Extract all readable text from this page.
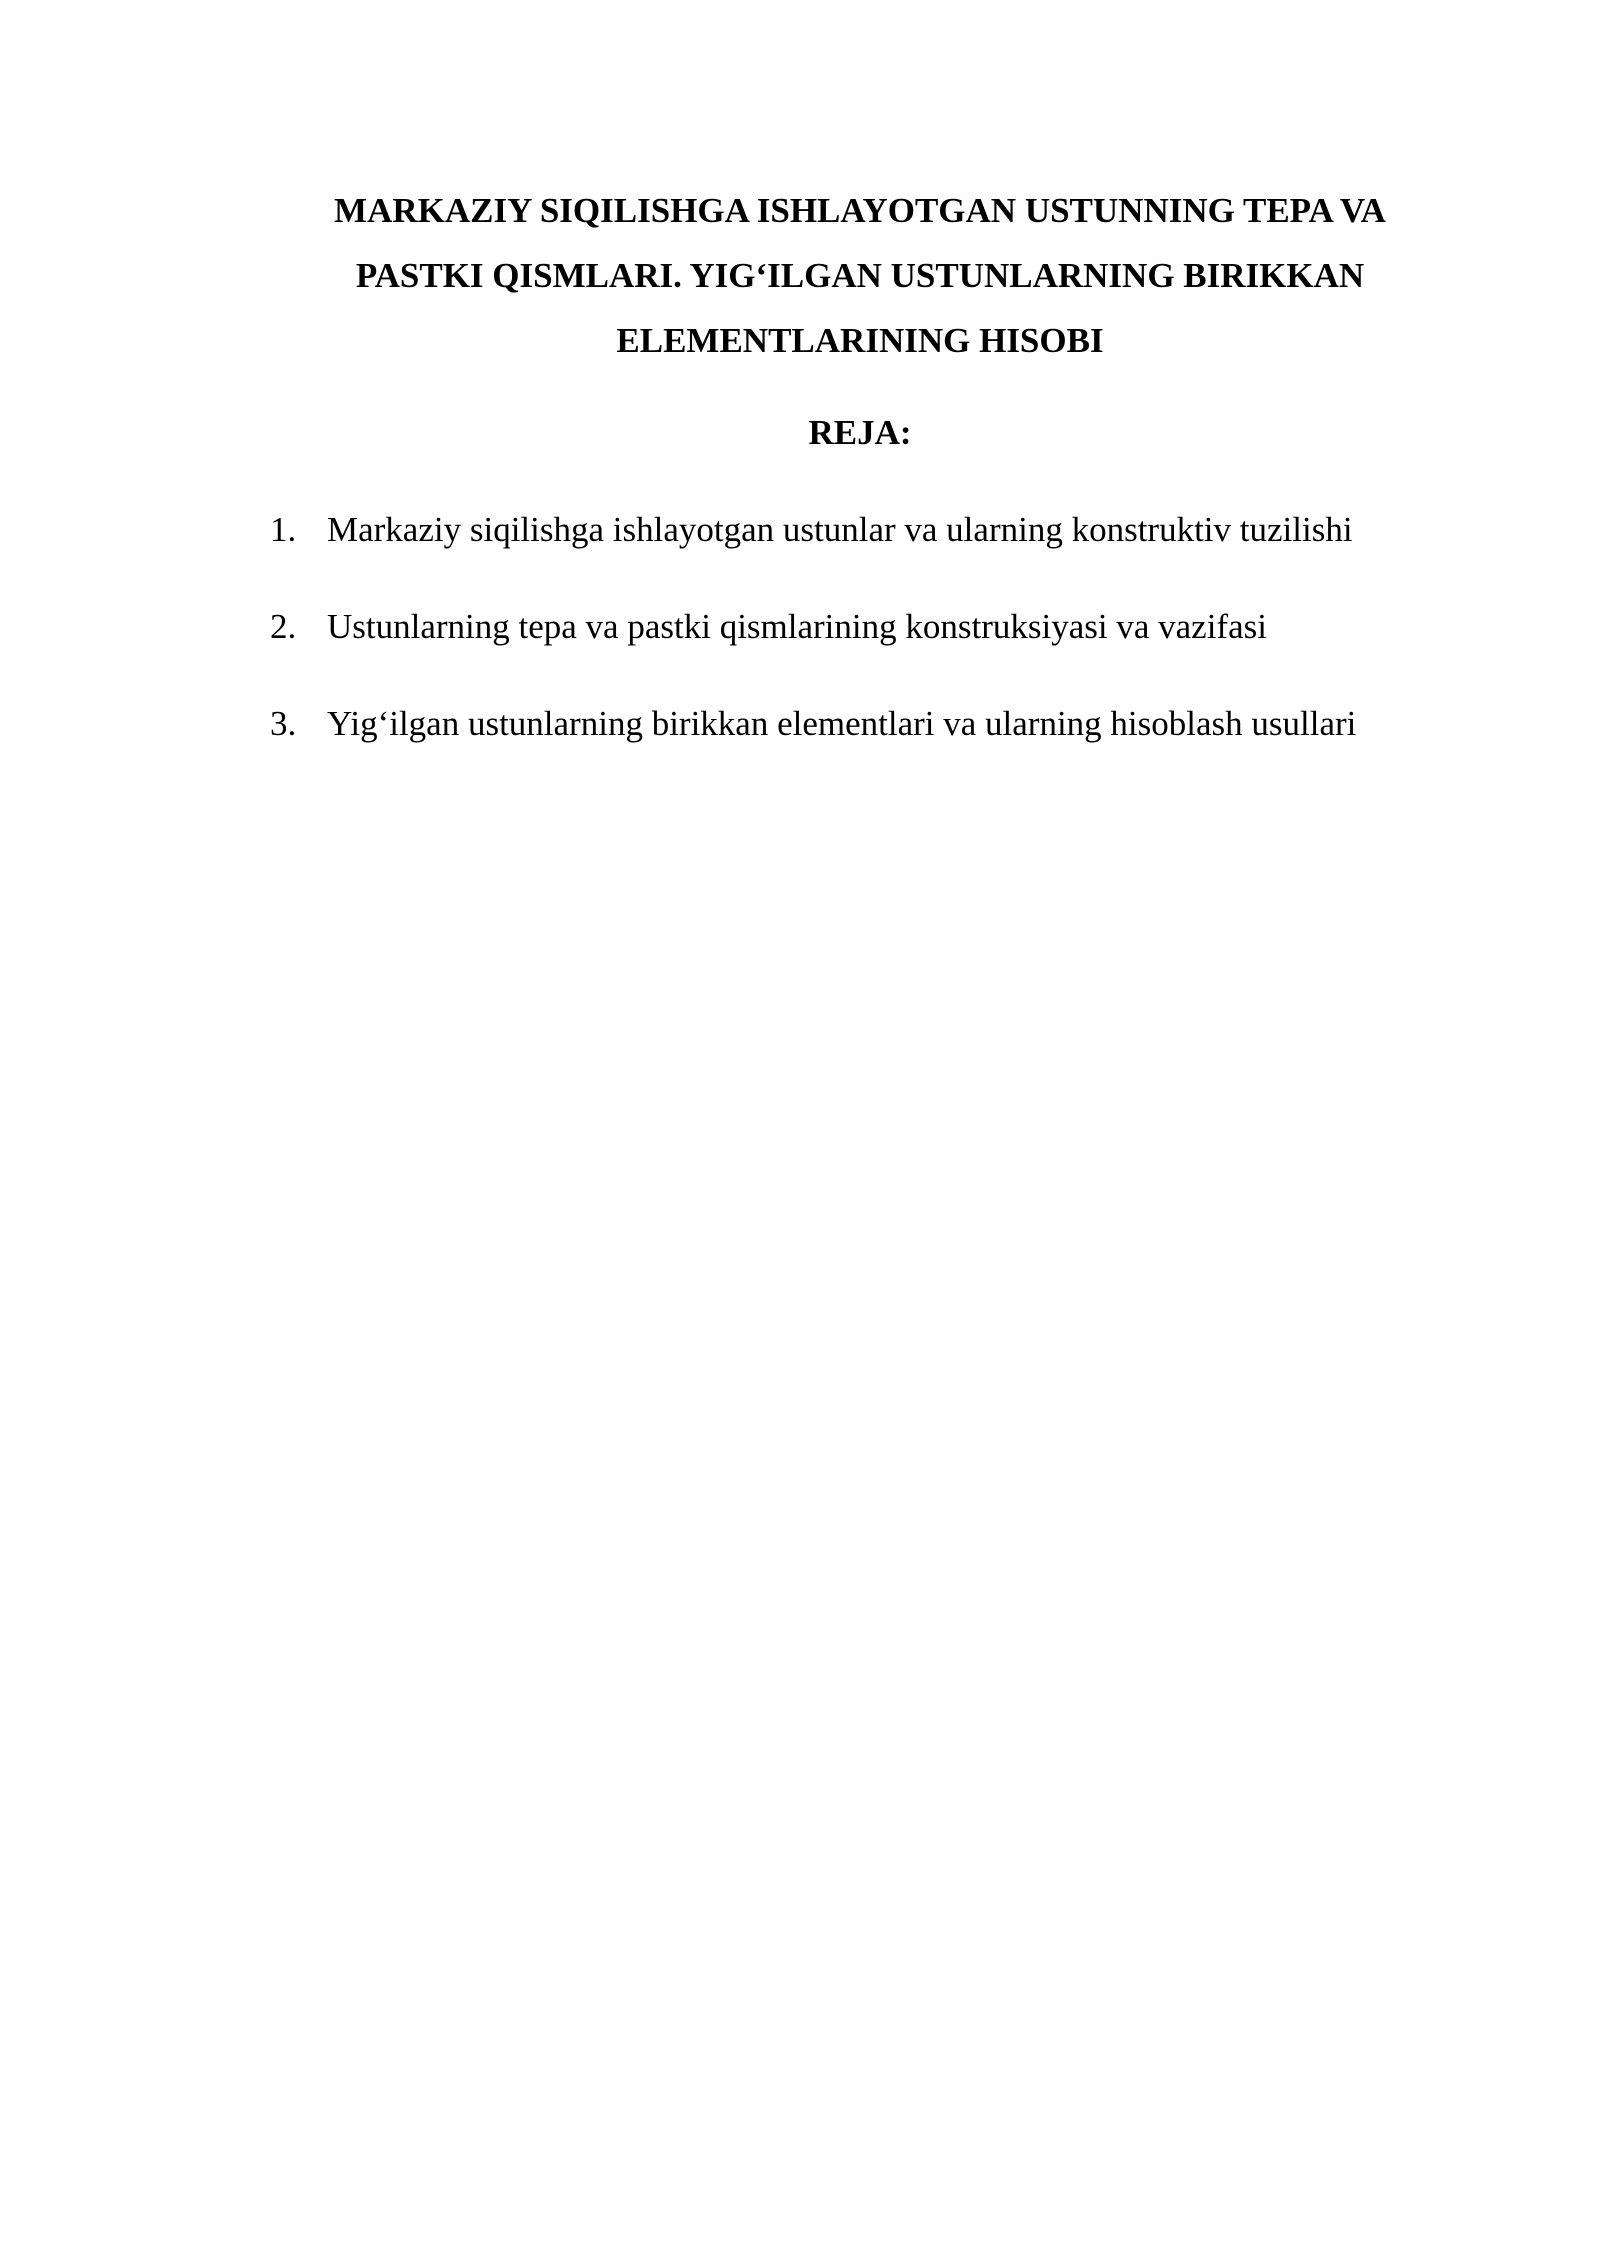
MARKAZIY SIQILISHGA ISHLAYOTGAN USTUNNING TEPA VA
PASTKI QISMLARI. YIG‘ILGAN USTUNLARNING BIRIKKAN
ELEMENTLARINING HISOBI
REJA:
1. Markaziy siqilishga ishlayotgan ustunlar va ularning konstruktiv tuzilishi
2. Ustunlarning tepa va pastki qismlarining konstruksiyasi va vazifasi
3. Yig‘ilgan ustunlarning birikkan elementlari va ularning hisoblash usullari
